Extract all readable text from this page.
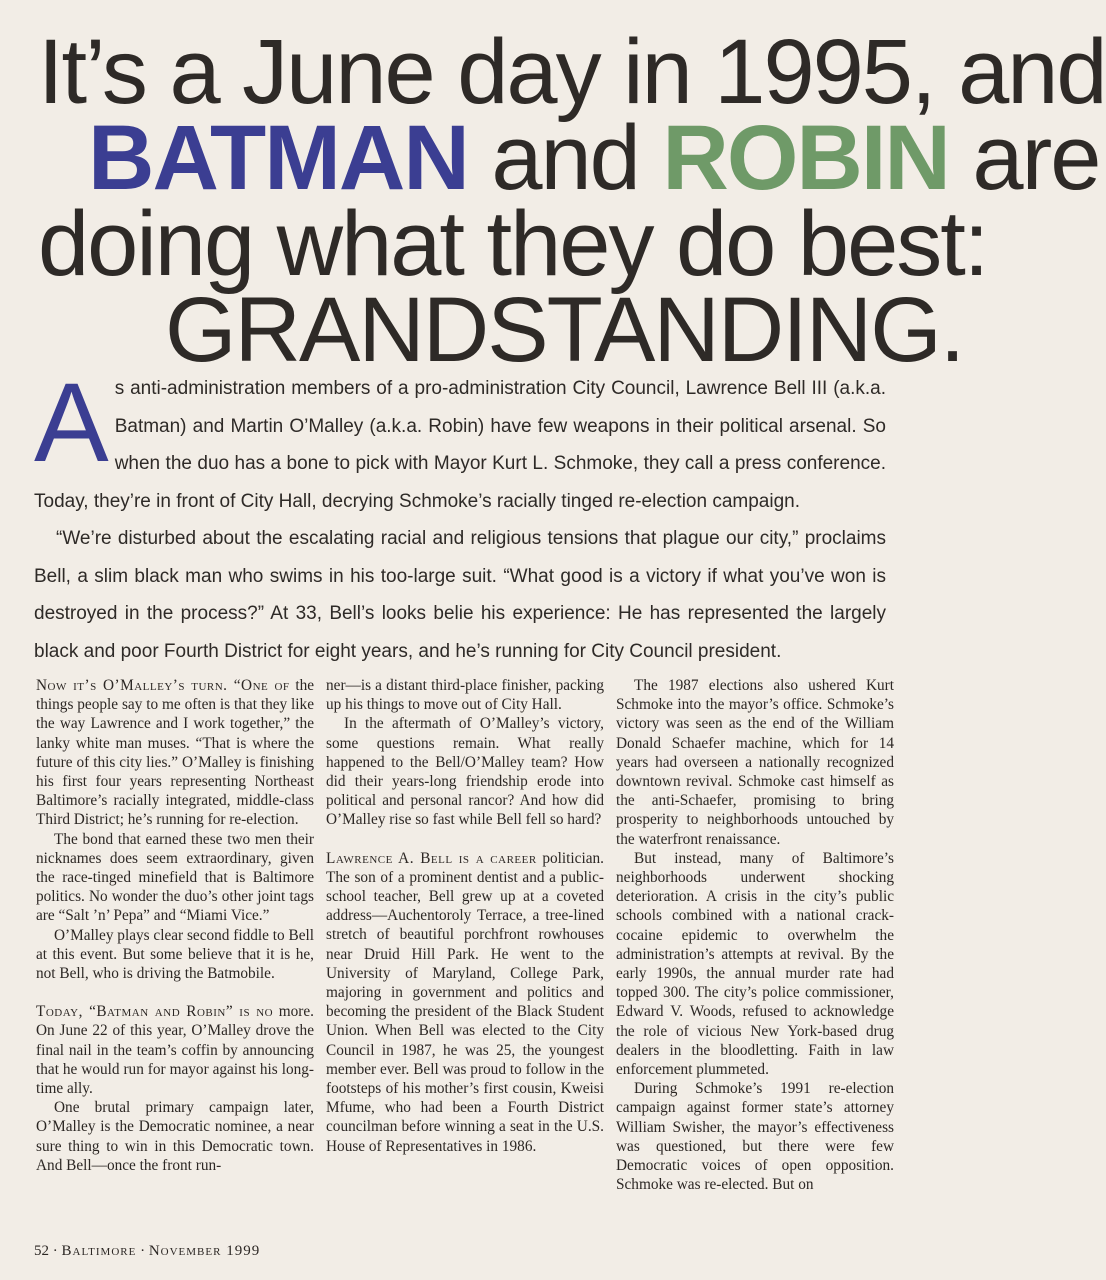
It’s a June day in 1995, and
BATMAN and ROBIN are
doing what they do best:
GRANDSTANDING.
A s anti-administration members of a pro-administration City Council, Lawrence Bell III (a.k.a. Batman) and Martin O’Malley (a.k.a. Robin) have few weapons in their political arsenal. So when the duo has a bone to pick with Mayor Kurt L. Schmoke, they call a press conference. Today, they’re in front of City Hall, decrying Schmoke’s racially tinged re-election campaign.

“We’re disturbed about the escalating racial and religious tensions that plague our city,” proclaims Bell, a slim black man who swims in his too-large suit. “What good is a victory if what you’ve won is destroyed in the process?” At 33, Bell’s looks belie his experience: He has represented the largely black and poor Fourth District for eight years, and he’s running for City Council president.

Now it’s O’Malley’s turn. “One of the things people say to me often is that they like the way Lawrence and I work together,” the lanky white man muses. “That is where the future of this city lies.” O’Malley is finishing his first four years representing Northeast Baltimore’s racially integrated, middle-class Third District; he’s running for re-election.

The bond that earned these two men their nicknames does seem extraordinary, given the race-tinged minefield that is Baltimore politics. No wonder the duo’s other joint tags are “Salt ’n’ Pepa” and “Miami Vice.”

O’Malley plays clear second fiddle to Bell at this event. But some believe that it is he, not Bell, who is driving the Batmobile.

Today, “Batman and Robin” is no more. On June 22 of this year, O’Malley drove the final nail in the team’s coffin by announcing that he would run for mayor against his long-time ally.

One brutal primary campaign later, O’Malley is the Democratic nominee, a near sure thing to win in this Democratic town. And Bell—once the front run-

ner—is a distant third-place finisher, packing up his things to move out of City Hall.

In the aftermath of O’Malley’s victory, some questions remain. What really happened to the Bell/O’Malley team? How did their years-long friendship erode into political and personal rancor? And how did O’Malley rise so fast while Bell fell so hard?

Lawrence A. Bell is a career politician. The son of a prominent dentist and a public-school teacher, Bell grew up at a coveted address—Auchentoroly Terrace, a tree-lined stretch of beautiful porchfront rowhouses near Druid Hill Park. He went to the University of Maryland, College Park, majoring in government and politics and becoming the president of the Black Student Union. When Bell was elected to the City Council in 1987, he was 25, the youngest member ever. Bell was proud to follow in the footsteps of his mother’s first cousin, Kweisi Mfume, who had been a Fourth District councilman before winning a seat in the U.S. House of Representatives in 1986.

The 1987 elections also ushered Kurt Schmoke into the mayor’s office. Schmoke’s victory was seen as the end of the William Donald Schaefer machine, which for 14 years had overseen a nationally recognized downtown revival. Schmoke cast himself as the anti-Schaefer, promising to bring prosperity to neighborhoods untouched by the waterfront renaissance.

But instead, many of Baltimore’s neighborhoods underwent shocking deterioration. A crisis in the city’s public schools combined with a national crack-cocaine epidemic to overwhelm the administration’s attempts at revival. By the early 1990s, the annual murder rate had topped 300. The city’s police commissioner, Edward V. Woods, refused to acknowledge the role of vicious New York-based drug dealers in the bloodletting. Faith in law enforcement plummeted.

During Schmoke’s 1991 re-election campaign against former state’s attorney William Swisher, the mayor’s effectiveness was questioned, but there were few Democratic voices of open opposition. Schmoke was re-elected. But on

52 · Baltimore · November 1999
